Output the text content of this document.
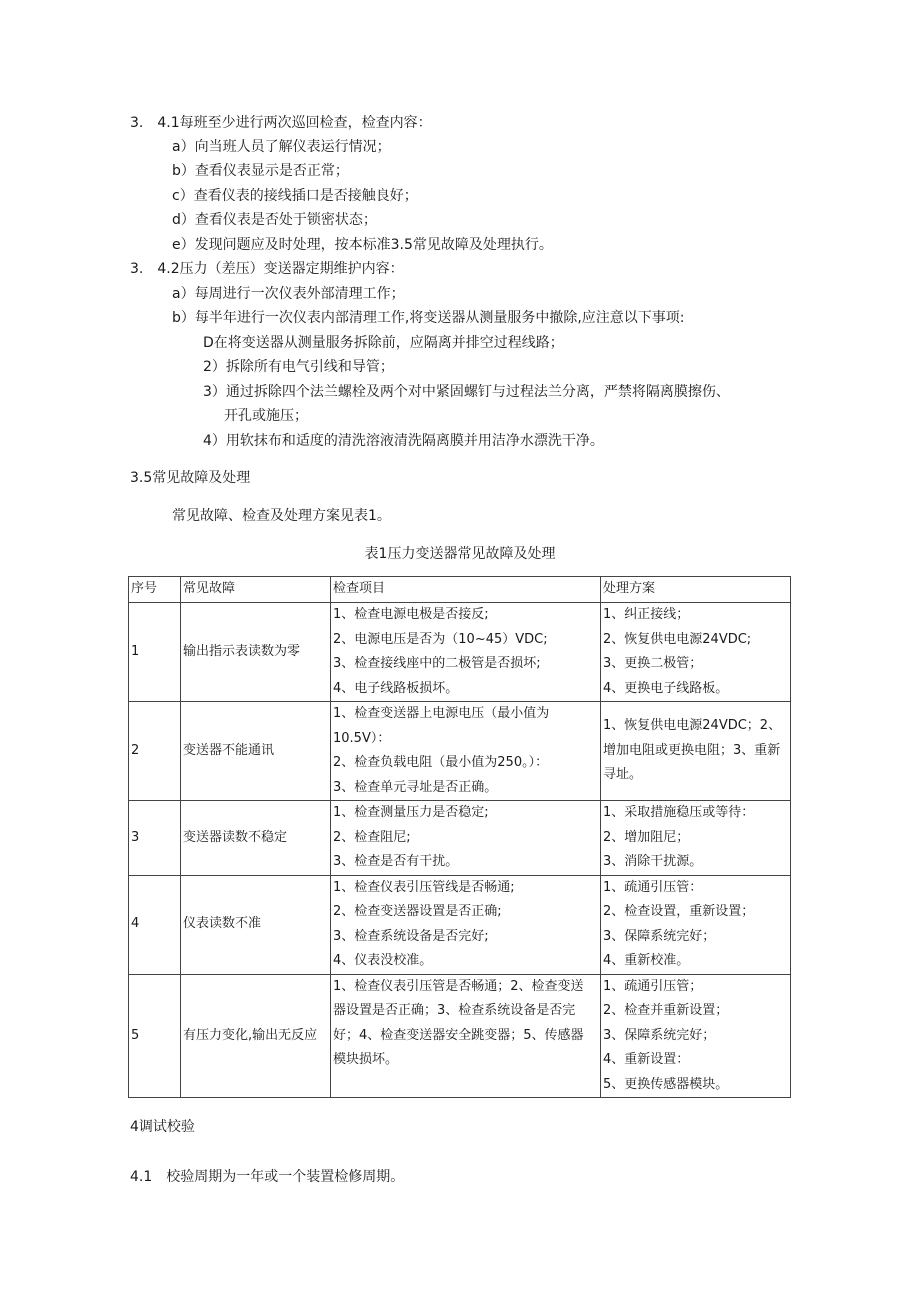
3.　4.1每班至少进行两次巡回检查，检查内容：
a）向当班人员了解仪表运行情况；
b）查看仪表显示是否正常；
c）查看仪表的接线插口是否接触良好；
d）查看仪表是否处于锁密状态；
e）发现问题应及时处理，按本标准3.5常见故障及处理执行。
3.　4.2压力（差压）变送器定期维护内容：
a）每周进行一次仪表外部清理工作；
b）每半年进行一次仪表内部清理工作,将变送器从测量服务中撤除,应注意以下事项:
D在将变送器从测量服务拆除前，应隔离并排空过程线路；
2）拆除所有电气引线和导管；
3）通过拆除四个法兰螺栓及两个对中紧固螺钉与过程法兰分离，严禁将隔离膜擦伤、
开孔或施压；
4）用软抹布和适度的清洗溶液清洗隔离膜并用洁净水漂洗干净。
3.5常见故障及处理
常见故障、检查及处理方案见表1。
表1压力变送器常见故障及处理
序号	常见故障	检查项目	处理方案
1	输出指示表读数为零	1、检查电源电极是否接反;
2、电源电压是否为（10~45）VDC;
3、检查接线座中的二极管是否损坏;
4、电子线路板损坏。	1、纠正接线；
2、恢复供电电源24VDC;
3、更换二极管；
4、更换电子线路板。

2	变送器不能通讯	1、检查变送器上电源电压（最小值为
10.5V）：
2、检查负载电阻（最小值为250。）：
3、检查单元寻址是否正确。	1、恢复供电电源24VDC；2、
增加电阻或更换电阻；3、重新
寻址。

3	变送器读数不稳定	1、检查测量压力是否稳定;
2、检查阻尼;
3、检查是否有干扰。	1、采取措施稳压或等待：
2、增加阻尼；
3、消除干扰源。

4	仪表读数不准	1、检查仪表引压管线是否畅通;
2、检查变送器设置是否正确;
3、检查系统设备是否完好;
4、仪表没校准。	1、疏通引压管：
2、检查设置，重新设置；
3、保障系统完好；
4、重新校准。

5	有压力变化,输出无反应	1、检查仪表引压管是否畅通；2、检查变送
器设置是否正确；3、检查系统设备是否完
好；4、检查变送器安全跳变器；5、传感器
模块损坏。	1、疏通引压管；
2、检查并重新设置；
3、保障系统完好；
4、重新设置：
5、更换传感器模块。
4调试校验
4.1　校验周期为一年或一个装置检修周期。
